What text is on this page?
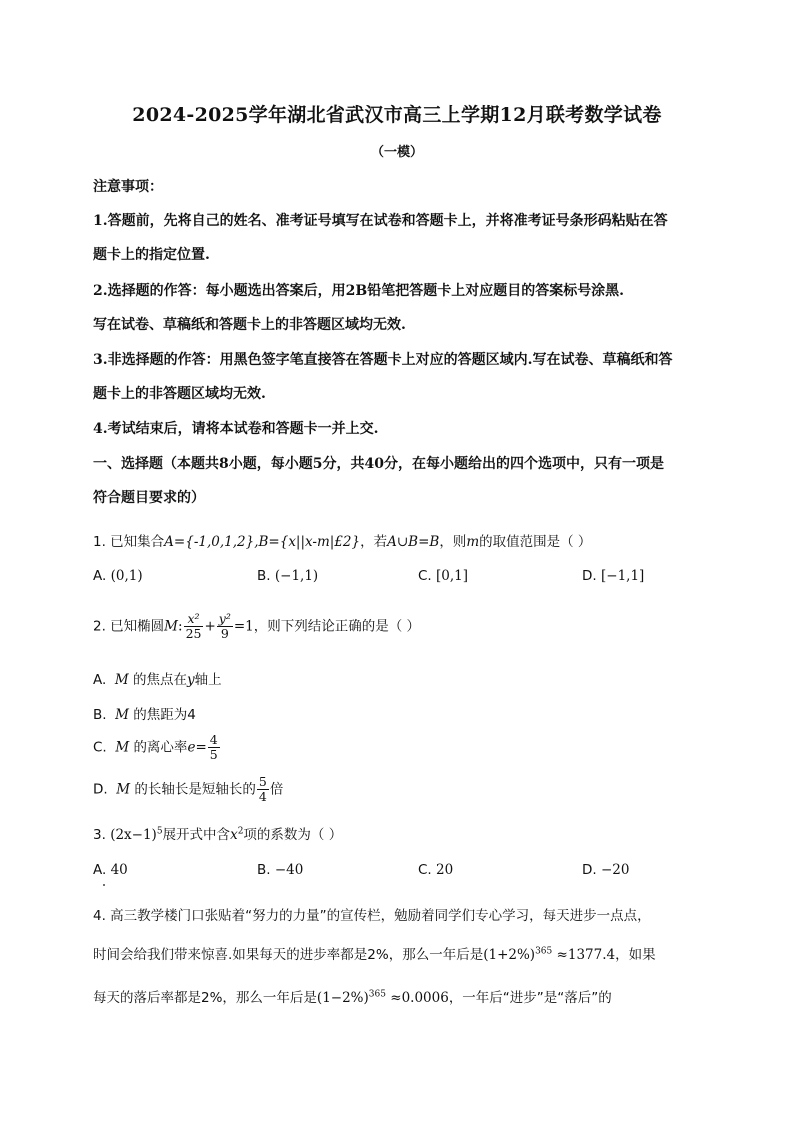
2024-2025学年湖北省武汉市高三上学期12月联考数学试卷
（一模）
注意事项：
1.答题前，先将自己的姓名、准考证号填写在试卷和答题卡上，并将准考证号条形码粘贴在答
题卡上的指定位置.
2.选择题的作答：每小题选出答案后，用2B铅笔把答题卡上对应题目的答案标号涂黑.
写在试卷、草稿纸和答题卡上的非答题区域均无效.
3.非选择题的作答：用黑色签字笔直接答在答题卡上对应的答题区域内.写在试卷、草稿纸和答
题卡上的非答题区域均无效.
4.考试结束后，请将本试卷和答题卡一并上交.
一、选择题（本题共8小题，每小题5分，共40分，在每小题给出的四个选项中，只有一项是
符合题目要求的）
1. 已知集合A={-1,0,1,2},B={x||x-m|£2}，若A∪B=B，则m的取值范围是（ ）
A. (0,1)	B. (−1,1)	C. [0,1]	D. [−1,1]
2. 已知椭圆M: $\frac{\text{x²}}{25} + \frac{\text{y²}}{9} =1$，则下列结论正确的是（ ）
A. M 的焦点在y轴上
B. M 的焦距为4
C. M 的离心率$e= \frac{4}{5}$
D. M 的长轴长是短轴长的 $\frac{5}{4}$ 倍
3. $(2x-1)^5$展开式中含$x^2$项的系数为（ ）
A. 40	B. −40	C. 20	D. −20
4. 高三教学楼门口张贴着“努力的力量”的宣传栏，勉励着同学们专心学习，每天进步一点点，
时间会给我们带来惊喜.如果每天的进步率都是2%，那么一年后是$(1+2\%)^{365} \approx 1377.4$，如果
每天的落后率都是2%，那么一年后是$(1-2\%)^{365} \approx 0.0006$，一年后“进步”是“落后”的
